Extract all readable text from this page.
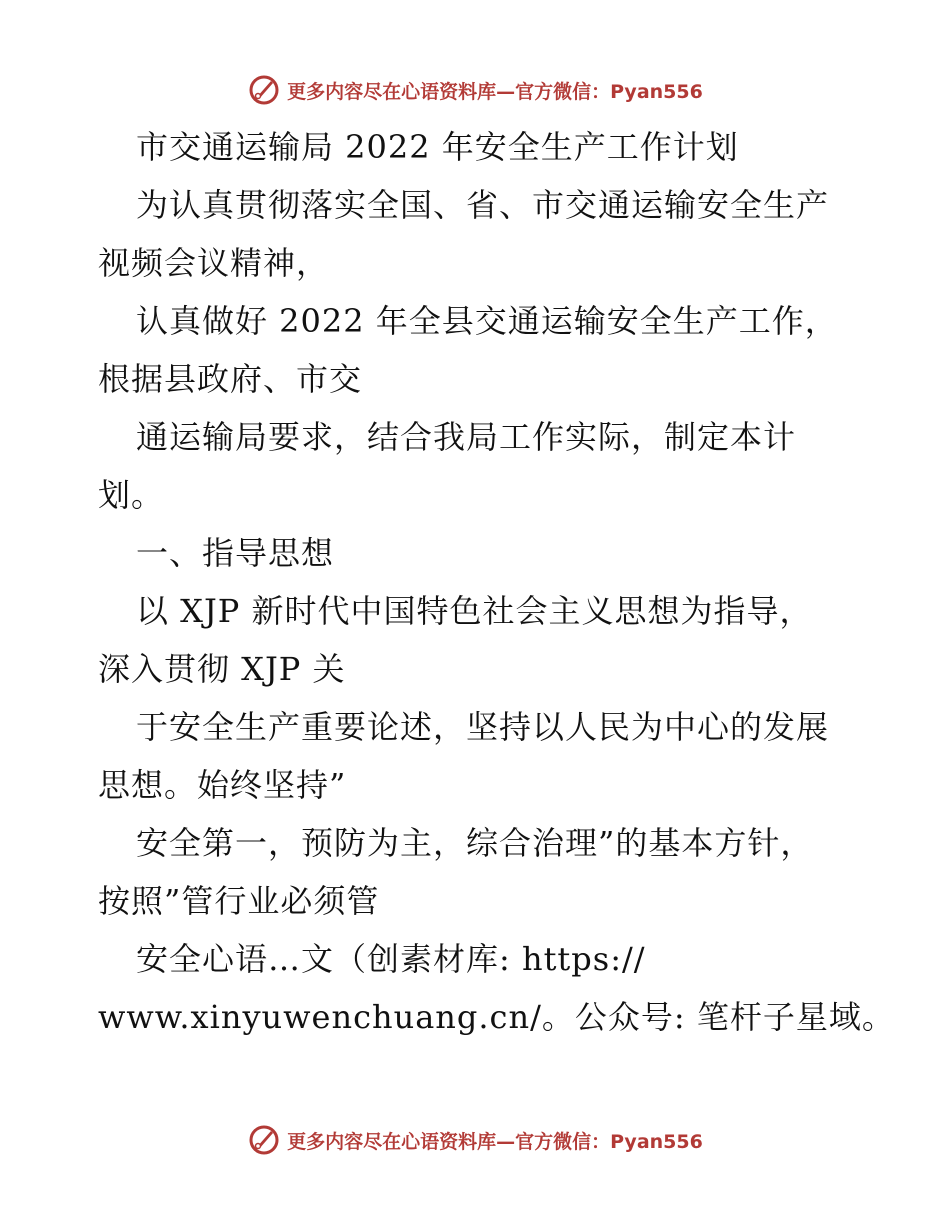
更多内容尽在心语资料库—官方微信：Pyan556
市交通运输局 2022 年安全生产工作计划
为认真贯彻落实全国、省、市交通运输安全生产
视频会议精神，
认真做好 2022 年全县交通运输安全生产工作，
根据县政府、市交
通运输局要求，结合我局工作实际，制定本计
划。
一、指导思想
以 XJP 新时代中国特色社会主义思想为指导，
深入贯彻 XJP 关
于安全生产重要论述，坚持以人民为中心的发展
思想。始终坚持”
安全第一，预防为主，综合治理”的基本方针，
按照”管行业必须管
安全心语…文（创素材库: https://
www.xinyuwenchuang.cn/。公众号: 笔杆子星域。
更多内容尽在心语资料库—官方微信：Pyan556
